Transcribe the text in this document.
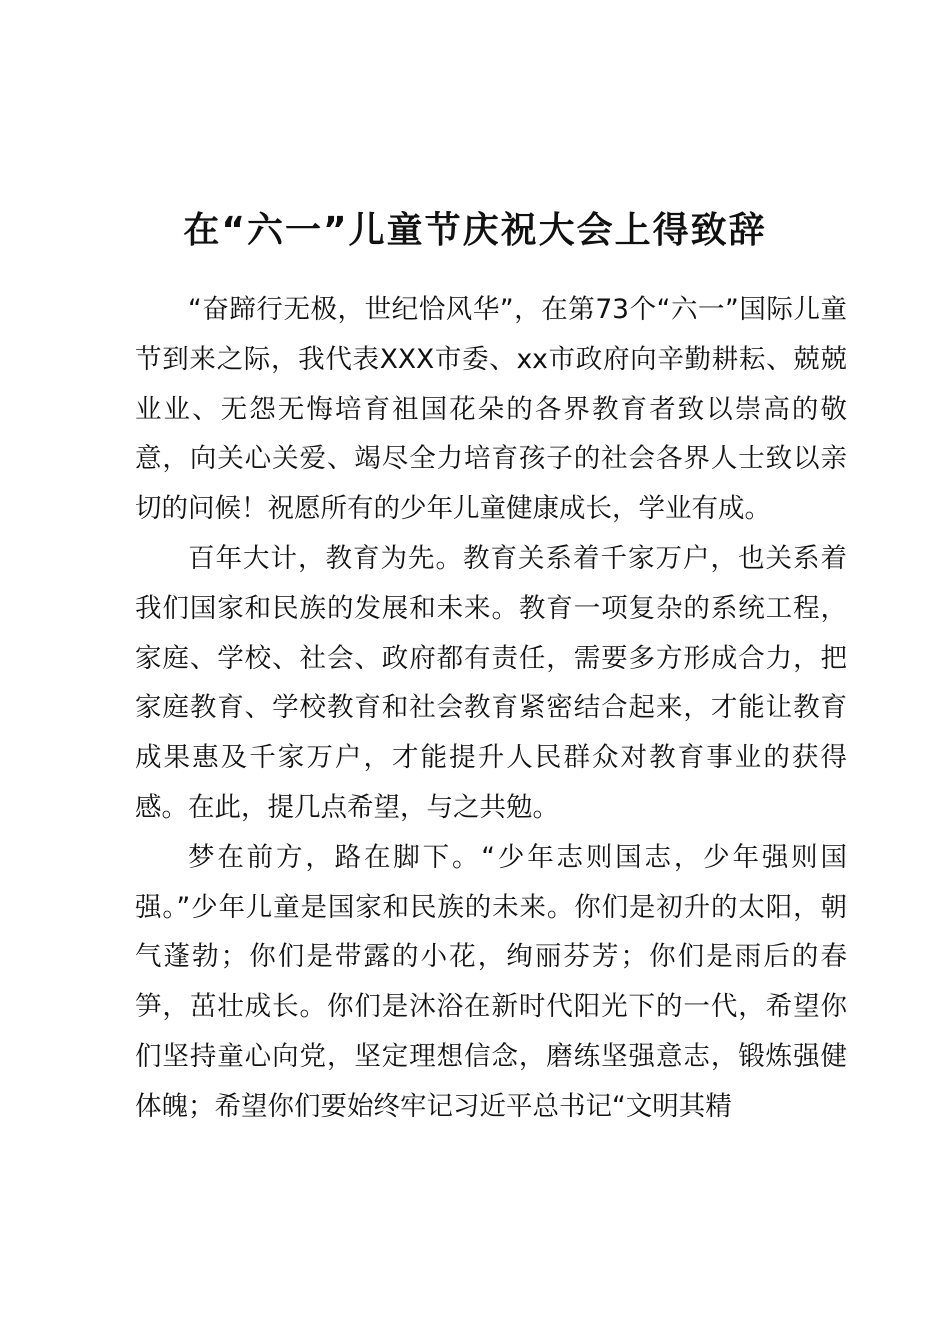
在“六一”儿童节庆祝大会上得致辞

“奋蹄行无极，世纪恰风华”，在第73个“六一”国际儿童节到来之际，我代表XXX市委、xx市政府向辛勤耕耘、兢兢业业、无怨无悔培育祖国花朵的各界教育者致以崇高的敬意，向关心关爱、竭尽全力培育孩子的社会各界人士致以亲切的问候！祝愿所有的少年儿童健康成长，学业有成。

百年大计，教育为先。教育关系着千家万户，也关系着我们国家和民族的发展和未来。教育一项复杂的系统工程，家庭、学校、社会、政府都有责任，需要多方形成合力，把家庭教育、学校教育和社会教育紧密结合起来，才能让教育成果惠及千家万户，才能提升人民群众对教育事业的获得感。在此，提几点希望，与之共勉。

梦在前方，路在脚下。“少年志则国志，少年强则国强。”少年儿童是国家和民族的未来。你们是初升的太阳，朝气蓬勃；你们是带露的小花，绚丽芬芳；你们是雨后的春笋，茁壮成长。你们是沐浴在新时代阳光下的一代，希望你们坚持童心向党，坚定理想信念，磨练坚强意志，锻炼强健体魄；希望你们要始终牢记习近平总书记“文明其精
